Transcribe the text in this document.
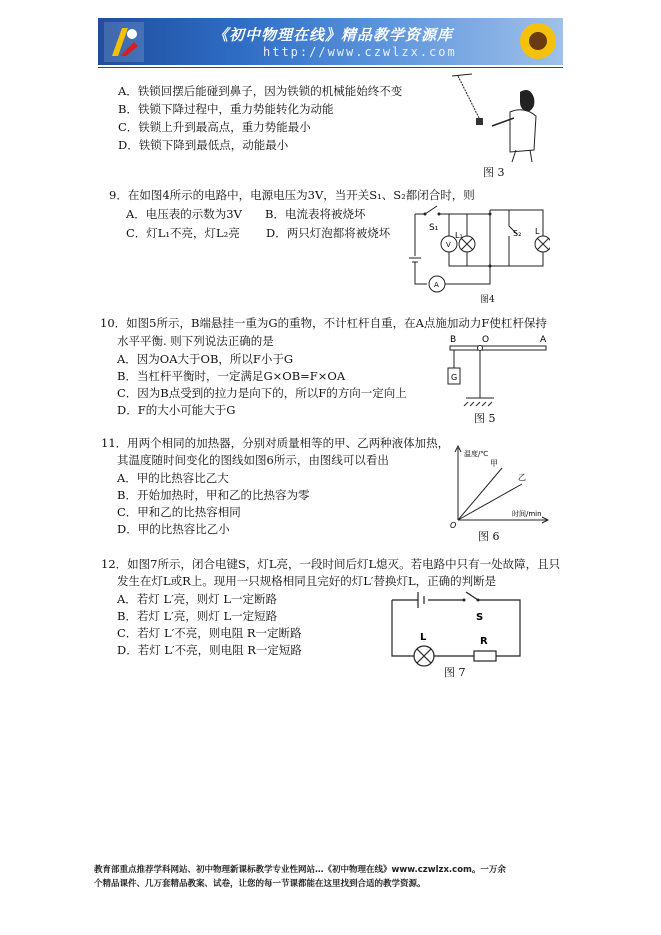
《初中物理在线》精品教学资源库
http://www.czwlzx.com
A．铁锁回摆后能碰到鼻子，因为铁锁的机械能始终不变
B．铁锁下降过程中，重力势能转化为动能
C．铁锁上升到最高点，重力势能最小
D．铁锁下降到最低点，动能最小
图 3
9．在如图4所示的电路中，电源电压为3V，当开关S₁、S₂都闭合时，则
A．电压表的示数为3V B．电流表将被烧坏
C．灯L₁不亮，灯L₂亮 D．两只灯泡都将被烧坏	S₁
L₁
V
S₂ L
A
图4
10．如图5所示，B端悬挂一重为G的重物，不计杠杆自重，在A点施加动力F使杠杆保持
水平平衡. 则下列说法正确的是
A．因为OA大于OB，所以F小于G
B．当杠杆平衡时，一定满足G×OB=F×OA
C．因为B点受到的拉力是向下的，所以F的方向一定向上
D．F的大小可能大于G
B	O	A
G
图 5
11．用两个相同的加热器，分别对质量相等的甲、乙两种液体加热，
其温度随时间变化的图线如图6所示，由图线可以看出
A．甲的比热容比乙大
B．开始加热时，甲和乙的比热容为零
C．甲和乙的比热容相同
D．甲的比热容比乙小
温度/℃
时间/min
O
甲
乙
图 6
12．如图7所示，闭合电键S，灯L亮，一段时间后灯L熄灭。若电路中只有一处故障，且只
发生在灯L或R上。现用一只规格相同且完好的灯L′替换灯L，正确的判断是
A．若灯 L′亮，则灯 L一定断路
B．若灯 L′亮，则灯 L一定短路
C．若灯 L′不亮，则电阻 R一定断路
D．若灯 L′不亮，则电阻 R一定短路
S
L	R
图 7
教育部重点推荐学科网站、初中物理新课标教学专业性网站…《初中物理在线》www.czwlzx.com。一万余
个精品课件、几万套精品教案、试卷，让您的每一节课都能在这里找到合适的教学资源。
